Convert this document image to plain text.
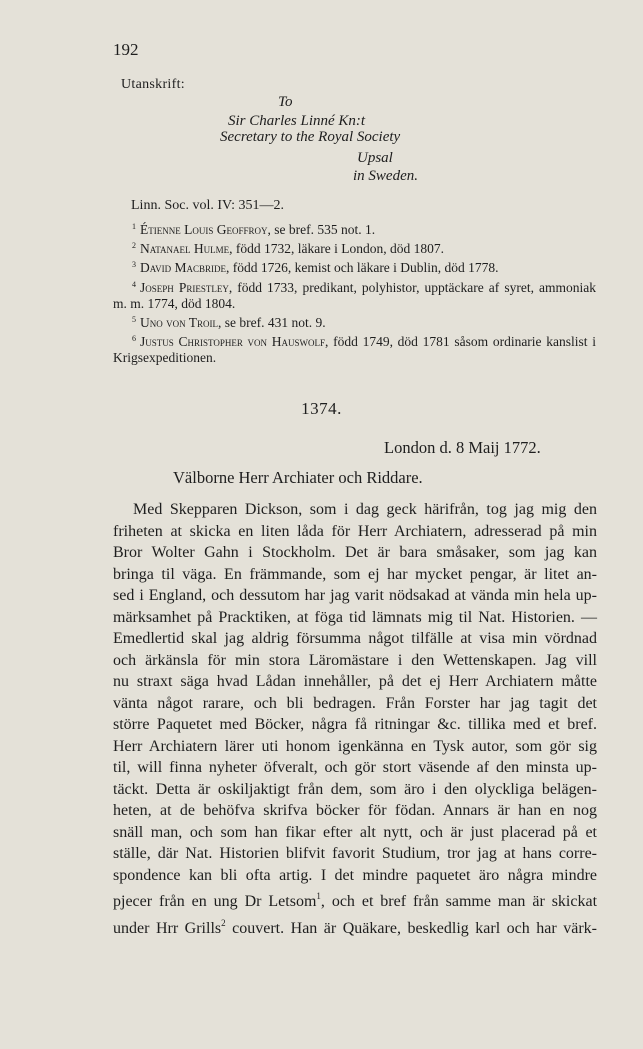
192
Utanskrift:
To
Sir Charles Linné Kn:t
Secretary to the Royal Society
Upsal
in Sweden.
Linn. Soc. vol. IV: 351—2.
$^1$ Étienne Louis Geoffroy, se bref. 535 not. 1.
$^2$ Natanael Hulme, född 1732, läkare i London, död 1807.
$^3$ David Macbride, född 1726, kemist och läkare i Dublin, död 1778.
$^4$ Joseph Priestley, född 1733, predikant, polyhistor, upptäckare af syret, ammoniak m. m. 1774, död 1804.
$^5$ Uno von Troil, se bref. 431 not. 9.
$^6$ Justus Christopher von Hauswolf, född 1749, död 1781 såsom ordinarie kanslist i Krigsexpeditionen.
1374.
London d. 8 Maij 1772.
Välborne Herr Archiater och Riddare.
Med Skepparen Dickson, som i dag geck härifrån, tog jag mig den
friheten at skicka en liten låda för Herr Archiatern, adresserad på min
Bror Wolter Gahn i Stockholm. Det är bara småsaker, som jag kan
bringa til väga. En främmande, som ej har mycket pengar, är litet an-
sed i England, och dessutom har jag varit nödsakad at vända min hela up-
märksamhet på Pracktiken, at föga tid lämnats mig til Nat. Historien. —
Emedlertid skal jag aldrig försumma något tilfälle at visa min vördnad
och ärkänsla för min stora Läromästare i den Wettenskapen. Jag vill
nu straxt säga hvad Lådan innehåller, på det ej Herr Archiatern måtte
vänta något rarare, och bli bedragen. Från Forster har jag tagit det
större Paquetet med Böcker, några få ritningar &c. tillika med et bref.
Herr Archiatern lärer uti honom igenkänna en Tysk autor, som gör sig
til, will finna nyheter öfveralt, och gör stort väsende af den minsta up-
täckt. Detta är oskiljaktigt från dem, som äro i den olyckliga belägen-
heten, at de behöfva skrifva böcker för födan. Annars är han en nog
snäll man, och som han fikar efter alt nytt, och är just placerad på et
ställe, där Nat. Historien blifvit favorit Studium, tror jag at hans corre-
spondence kan bli ofta artig. I det mindre paquetet äro några mindre
pjecer från en ung Dr Letsom$^1$, och et bref från samme man är skickat
under Hrr Grills$^2$ couvert. Han är Quäkare, beskedlig karl och har värk-
